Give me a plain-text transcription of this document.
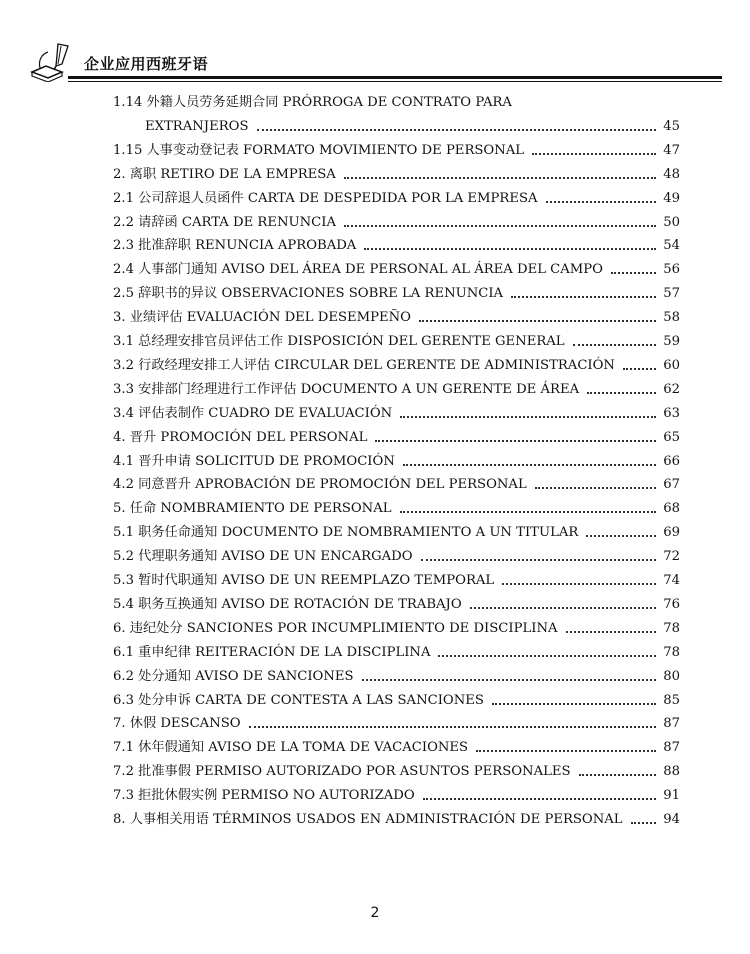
企业应用西班牙语
1.14 外籍人员劳务延期合同 PRÓRROGA DE CONTRATO PARA
EXTRANJEROS	45
1.15 人事变动登记表 FORMATO MOVIMIENTO DE PERSONAL	47
2. 离职 RETIRO DE LA EMPRESA	48
2.1 公司辞退人员函件 CARTA DE DESPEDIDA POR LA EMPRESA	49
2.2 请辞函 CARTA DE RENUNCIA	50
2.3 批准辞职 RENUNCIA APROBADA	54
2.4 人事部门通知 AVISO DEL ÁREA DE PERSONAL AL ÁREA DEL CAMPO	56
2.5 辞职书的异议 OBSERVACIONES SOBRE LA RENUNCIA	57
3. 业绩评估 EVALUACIÓN DEL DESEMPEÑO	58
3.1 总经理安排官员评估工作 DISPOSICIÓN DEL GERENTE GENERAL	59
3.2 行政经理安排工人评估 CIRCULAR DEL GERENTE DE ADMINISTRACIÓN	60
3.3 安排部门经理进行工作评估 DOCUMENTO A UN GERENTE DE ÁREA	62
3.4 评估表制作 CUADRO DE EVALUACIÓN	63
4. 晋升 PROMOCIÓN DEL PERSONAL	65
4.1 晋升申请 SOLICITUD DE PROMOCIÓN	66
4.2 同意晋升 APROBACIÓN DE PROMOCIÓN DEL PERSONAL	67
5. 任命 NOMBRAMIENTO DE PERSONAL	68
5.1 职务任命通知 DOCUMENTO DE NOMBRAMIENTO A UN TITULAR	69
5.2 代理职务通知 AVISO DE UN ENCARGADO	72
5.3 暂时代职通知 AVISO DE UN REEMPLAZO TEMPORAL	74
5.4 职务互换通知 AVISO DE ROTACIÓN DE TRABAJO	76
6. 违纪处分 SANCIONES POR INCUMPLIMIENTO DE DISCIPLINA	78
6.1 重申纪律 REITERACIÓN DE LA DISCIPLINA	78
6.2 处分通知 AVISO DE SANCIONES	80
6.3 处分申诉 CARTA DE CONTESTA A LAS SANCIONES	85
7. 休假 DESCANSO	87
7.1 休年假通知 AVISO DE LA TOMA DE VACACIONES	87
7.2 批准事假 PERMISO AUTORIZADO POR ASUNTOS PERSONALES	88
7.3 拒批休假实例 PERMISO NO AUTORIZADO	91
8. 人事相关用语 TÉRMINOS USADOS EN ADMINISTRACIÓN DE PERSONAL	94
2
